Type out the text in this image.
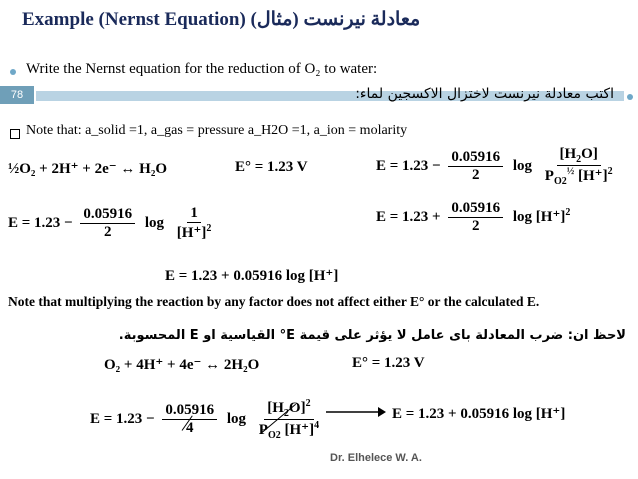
Example (Nernst Equation) (مثال) معادلة نيرنست
Write the Nernst equation for the reduction of O₂ to water:
78	اكتب معادلة نيرنست لاختزال الاكسجين لماء:
Note that: a_solid =1, a_gas = pressure a_H2O =1, a_ion = molarity
½O₂ + 2H⁺ + 2e⁻ ↔ H₂O	E° = 1.23 V	$E = 1.23 - \frac{0.05916}{2}$ $\log \frac{[H_2O]}{P_{O2}^{\frac{1}{2}} [H^+]^2}$
$E = 1.23 - \frac{0.05916}{2}$ $\log \frac{1}{[H^+]^2}$	$E = 1.23 + \frac{0.05916}{2}$ $\log [H^+]^2$
E = 1.23 + 0.05916 log [H⁺]
Note that multiplying the reaction by any factor does not affect either E° or the calculated E.
لاحظ ان: ضرب المعادلة باى عامل لا يؤثر على قيمة E° القياسية او E المحسوبة.
O₂ + 4H⁺ + 4e⁻ ↔ 2H₂O	E° = 1.23 V
$E = 1.23 - \frac{0.05916}{4}$ $\log \frac{[H_2O]^2}{P_{O2} [H^+]^4}$	E = 1.23 + 0.05916 log [H⁺]
Dr. Elhelece W. A.
